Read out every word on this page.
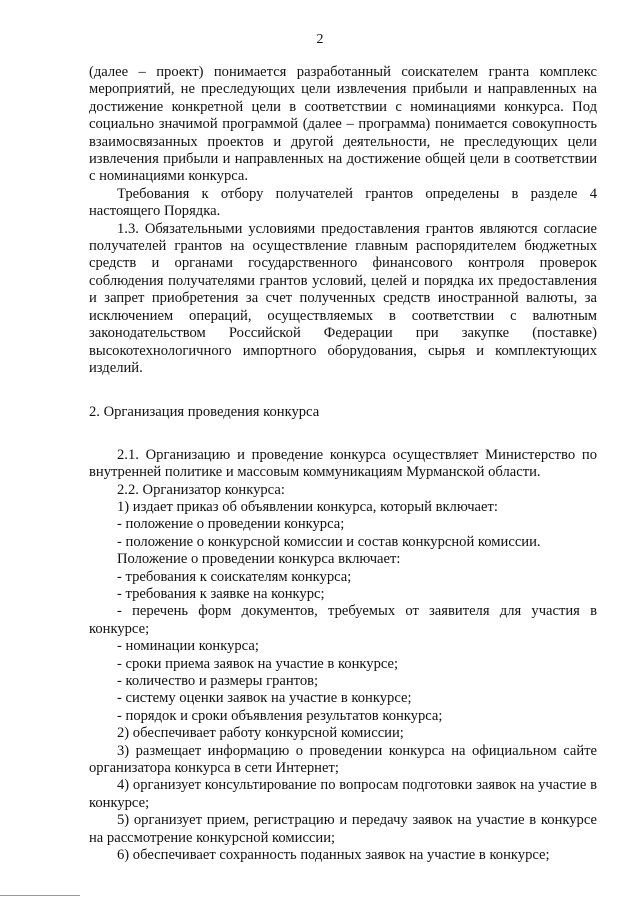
2

(далее – проект) понимается разработанный соискателем гранта комплекс мероприятий, не преследующих цели извлечения прибыли и направленных на достижение конкретной цели в соответствии с номинациями конкурса. Под социально значимой программой (далее – программа) понимается совокупность взаимосвязанных проектов и другой деятельности, не преследующих цели извлечения прибыли и направленных на достижение общей цели в соответствии с номинациями конкурса.

Требования к отбору получателей грантов определены в разделе 4 настоящего Порядка.

1.3. Обязательными условиями предоставления грантов являются согласие получателей грантов на осуществление главным распорядителем бюджетных средств и органами государственного финансового контроля проверок соблюдения получателями грантов условий, целей и порядка их предоставления и запрет приобретения за счет полученных средств иностранной валюты, за исключением операций, осуществляемых в соответствии с валютным законодательством Российской Федерации при закупке (поставке) высокотехнологичного импортного оборудования, сырья и комплектующих изделий.

2. Организация проведения конкурса

2.1. Организацию и проведение конкурса осуществляет Министерство по внутренней политике и массовым коммуникациям Мурманской области.

2.2. Организатор конкурса:

1) издает приказ об объявлении конкурса, который включает:

- положение о проведении конкурса;

- положение о конкурсной комиссии и состав конкурсной комиссии.

Положение о проведении конкурса включает:

- требования к соискателям конкурса;

- требования к заявке на конкурс;

- перечень форм документов, требуемых от заявителя для участия в конкурсе;

- номинации конкурса;

- сроки приема заявок на участие в конкурсе;

- количество и размеры грантов;

- систему оценки заявок на участие в конкурсе;

- порядок и сроки объявления результатов конкурса;

2) обеспечивает работу конкурсной комиссии;

3) размещает информацию о проведении конкурса на официальном сайте организатора конкурса в сети Интернет;

4) организует консультирование по вопросам подготовки заявок на участие в конкурсе;

5) организует прием, регистрацию и передачу заявок на участие в конкурсе на рассмотрение конкурсной комиссии;

6) обеспечивает сохранность поданных заявок на участие в конкурсе;
